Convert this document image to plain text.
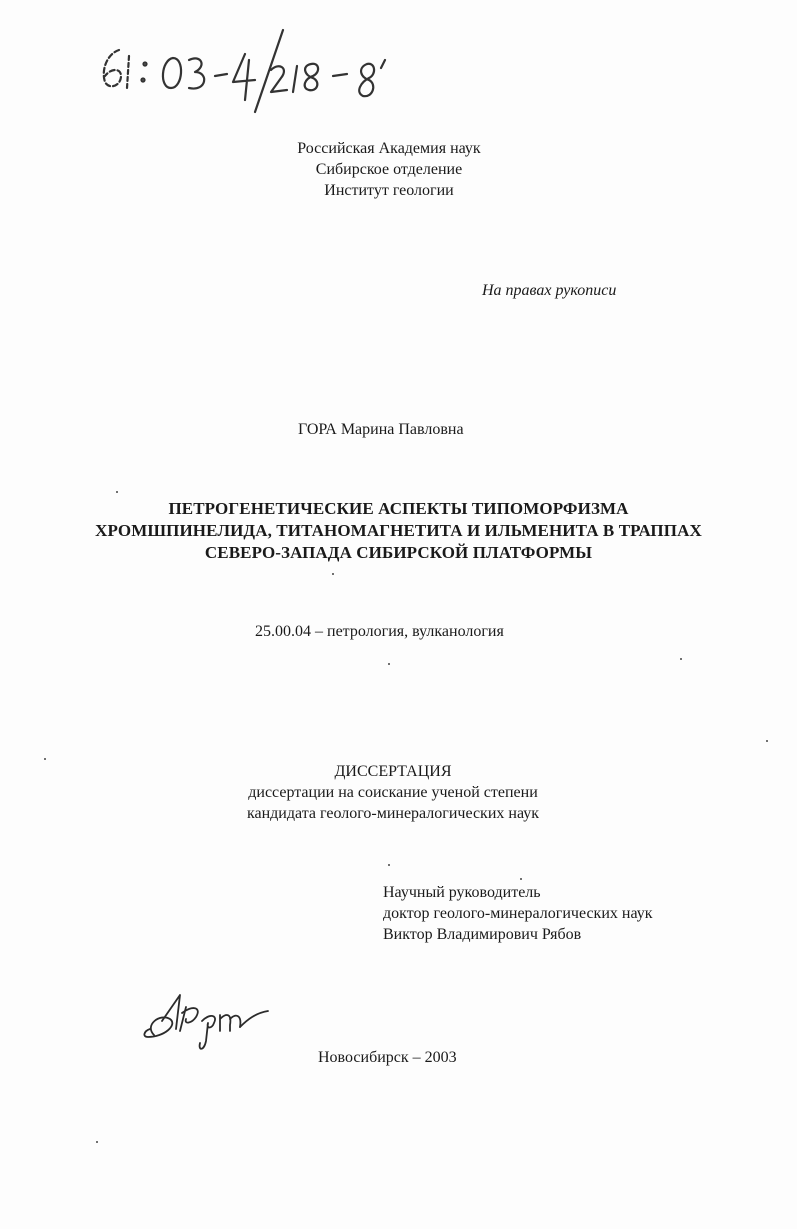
Российская Академия наук
Сибирское отделение
Институт геологии
На правах рукописи
ГОРА Марина Павловна
ПЕТРОГЕНЕТИЧЕСКИЕ АСПЕКТЫ ТИПОМОРФИЗМА
ХРОМШПИНЕЛИДА, ТИТАНОМАГНЕТИТА И ИЛЬМЕНИТА В ТРАППАХ
СЕВЕРО-ЗАПАДА СИБИРСКОЙ ПЛАТФОРМЫ
25.00.04 – петрология, вулканология
ДИССЕРТАЦИЯ
диссертации на соискание ученой степени
кандидата геолого-минералогических наук
Научный руководитель
доктор геолого-минералогических наук
Виктор Владимирович Рябов
Новосибирск – 2003
